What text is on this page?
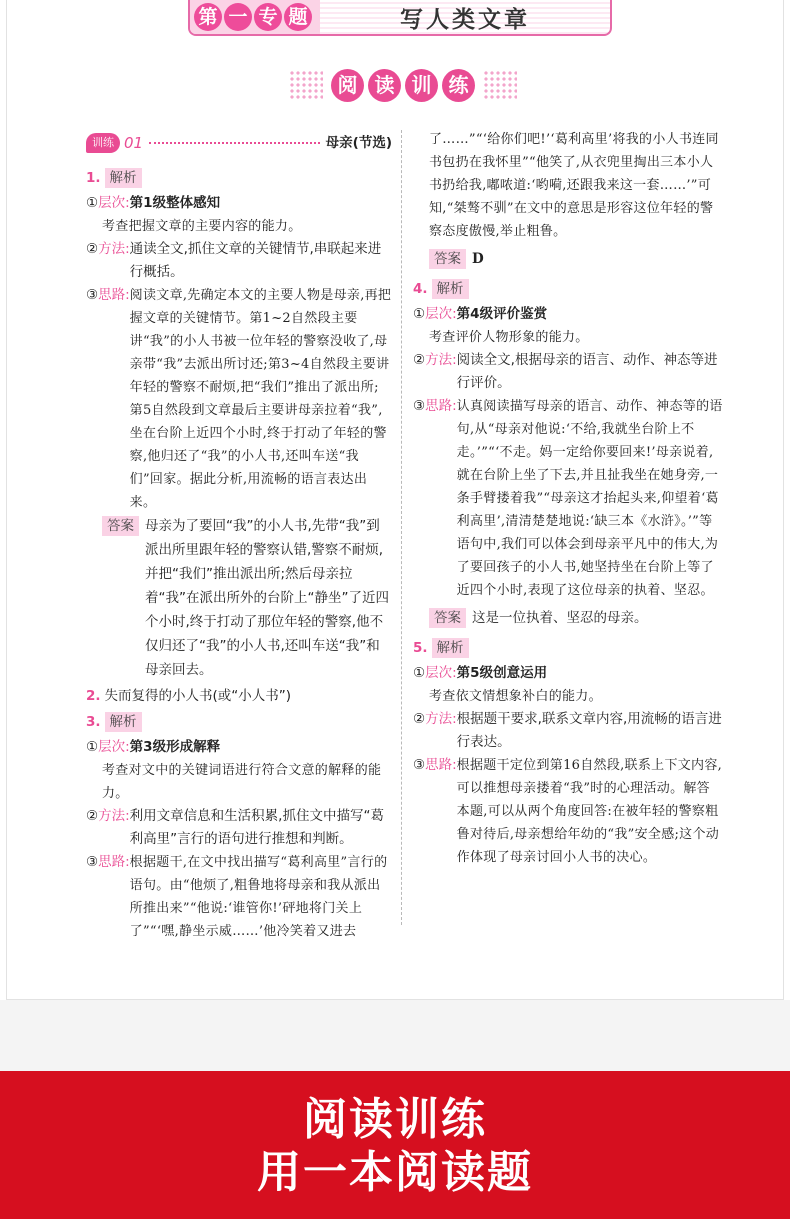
第 一 专 题	写人类文章
阅 读 训 练
训练 01	母亲(节选)
1. 解析
① 层次: 第1级整体感知
考查把握文章的主要内容的能力。
② 方法: 通读全文,抓住文章的关键情节,串联起来进行概括。
③ 思路: 阅读文章,先确定本文的主要人物是母亲,再把握文章的关键情节。第1~2自然段主要讲“我”的小人书被一位年轻的警察没收了,母亲带“我”去派出所讨还;第3~4自然段主要讲年轻的警察不耐烦,把“我们”推出了派出所;第5自然段到文章最后主要讲母亲拉着“我”,坐在台阶上近四个小时,终于打动了年轻的警察,他归还了“我”的小人书,还叫车送“我们”回家。据此分析,用流畅的语言表达出来。
答案 母亲为了要回“我”的小人书,先带“我”到派出所里跟年轻的警察认错,警察不耐烦,并把“我们”推出派出所;然后母亲拉着“我”在派出所外的台阶上“静坐”了近四个小时,终于打动了那位年轻的警察,他不仅归还了“我”的小人书,还叫车送“我”和母亲回去。
2. 失而复得的小人书(或“小人书”)
3. 解析
① 层次: 第3级形成解释
考查对文中的关键词语进行符合文意的解释的能力。
② 方法: 利用文章信息和生活积累,抓住文中描写“葛利高里”言行的语句进行推想和判断。
③ 思路: 根据题干,在文中找出描写“葛利高里”言行的语句。由“他烦了,粗鲁地将母亲和我从派出所推出来”“他说:‘谁管你!’砰地将门关上了”“‘嘿,静坐示威……’他冷笑着又进去
了……”“‘给你们吧!’‘葛利高里’将我的小人书连同书包扔在我怀里”“他笑了,从衣兜里掏出三本小人书扔给我,嘟哝道:‘哟嗬,还跟我来这一套……’”可知,“桀骜不驯”在文中的意思是形容这位年轻的警察态度傲慢,举止粗鲁。
答案 D
4. 解析
① 层次: 第4级评价鉴赏
考查评价人物形象的能力。
② 方法: 阅读全文,根据母亲的语言、动作、神态等进行评价。
③ 思路: 认真阅读描写母亲的语言、动作、神态等的语句,从“母亲对他说:‘不给,我就坐台阶上不走。’”“‘不走。妈一定给你要回来!’母亲说着,就在台阶上坐了下去,并且扯我坐在她身旁,一条手臂搂着我”“母亲这才抬起头来,仰望着‘葛利高里’,清清楚楚地说:‘缺三本《水浒》。’”等语句中,我们可以体会到母亲平凡中的伟大,为了要回孩子的小人书,她坚持坐在台阶上等了近四个小时,表现了这位母亲的执着、坚忍。
答案 这是一位执着、坚忍的母亲。
5. 解析
① 层次: 第5级创意运用
考查依文情想象补白的能力。
② 方法: 根据题干要求,联系文章内容,用流畅的语言进行表达。
③ 思路: 根据题干定位到第16自然段,联系上下文内容,可以推想母亲搂着“我”时的心理活动。解答本题,可以从两个角度回答:在被年轻的警察粗鲁对待后,母亲想给年幼的“我”安全感;这个动作体现了母亲讨回小人书的决心。
阅读训练
用一本阅读题
